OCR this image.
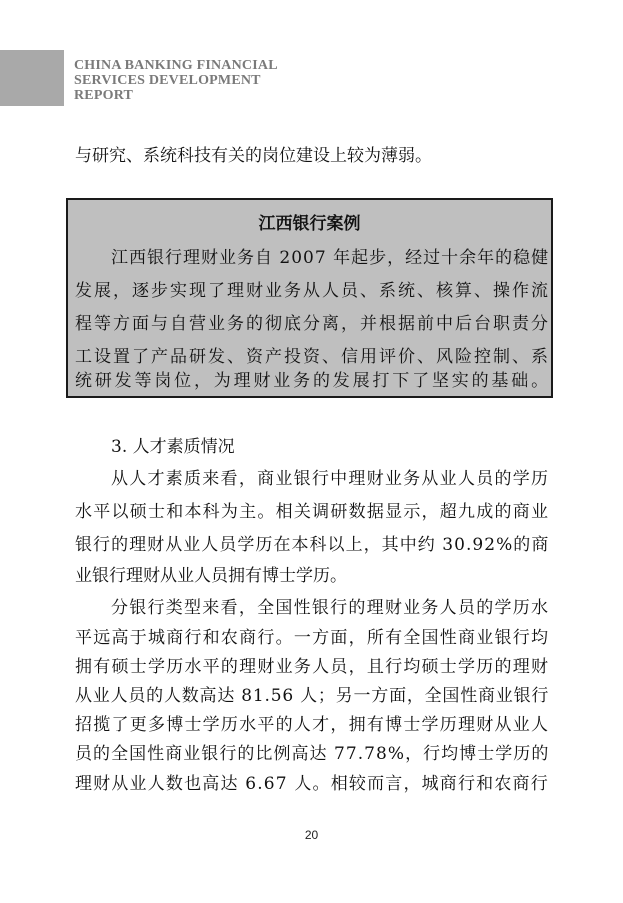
CHINA BANKING FINANCIAL
SERVICES DEVELOPMENT
REPORT
与研究、系统科技有关的岗位建设上较为薄弱。
江西银行案例
江西银行理财业务自 2007 年起步，经过十余年的稳健
发展，逐步实现了理财业务从人员、系统、核算、操作流
程等方面与自营业务的彻底分离，并根据前中后台职责分
工设置了产品研发、资产投资、信用评价、风险控制、系
统研发等岗位，为理财业务的发展打下了坚实的基础。
3. 人才素质情况
从人才素质来看，商业银行中理财业务从业人员的学历
水平以硕士和本科为主。相关调研数据显示，超九成的商业
银行的理财从业人员学历在本科以上，其中约 30.92%的商
业银行理财从业人员拥有博士学历。
分银行类型来看，全国性银行的理财业务人员的学历水
平远高于城商行和农商行。一方面，所有全国性商业银行均
拥有硕士学历水平的理财业务人员，且行均硕士学历的理财
从业人员的人数高达 81.56 人；另一方面，全国性商业银行
招揽了更多博士学历水平的人才，拥有博士学历理财从业人
员的全国性商业银行的比例高达 77.78%，行均博士学历的
理财从业人数也高达 6.67 人。相较而言，城商行和农商行
20
